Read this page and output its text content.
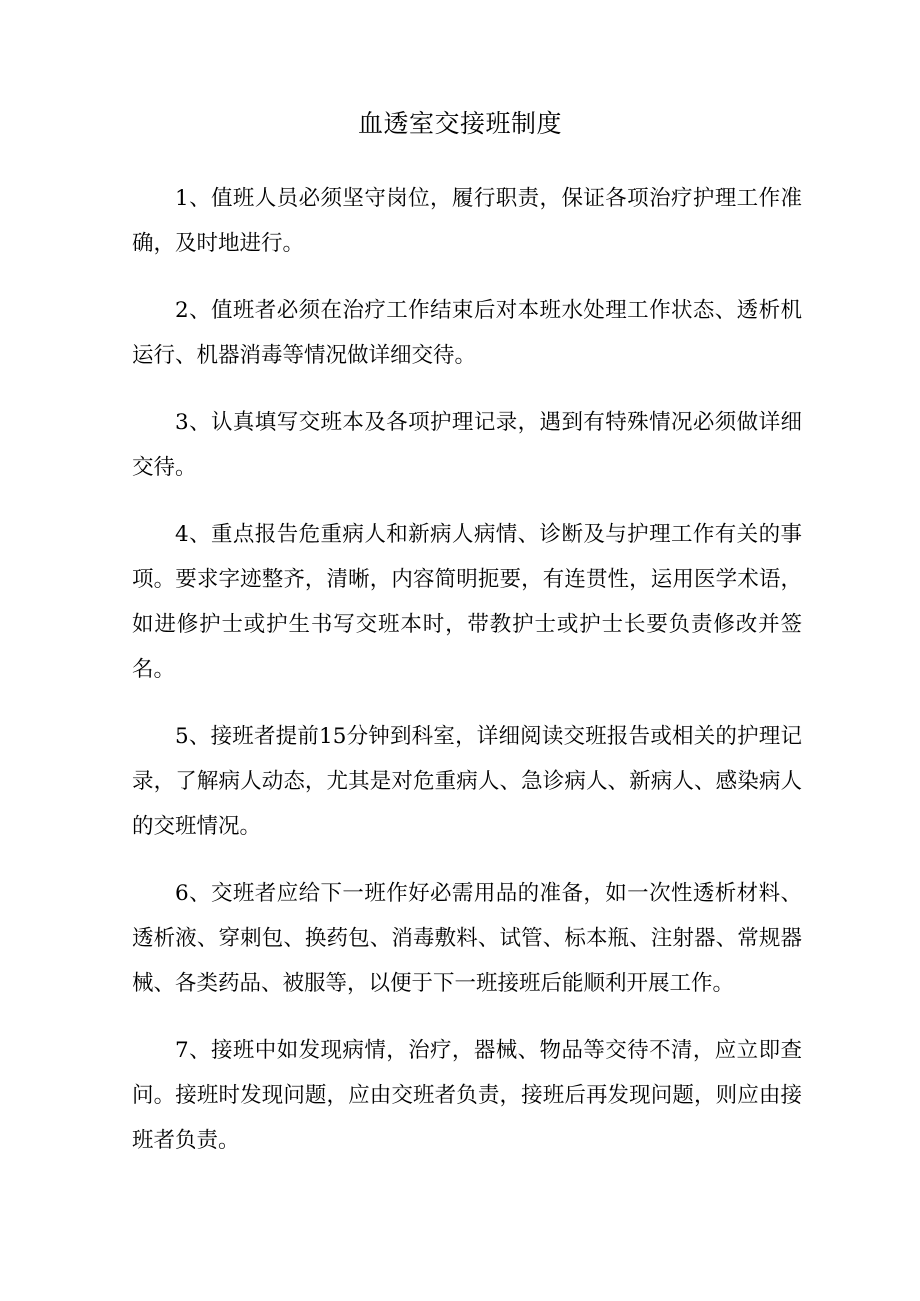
血透室交接班制度

1、值班人员必须坚守岗位，履行职责，保证各项治疗护理工作准确，及时地进行。

2、值班者必须在治疗工作结束后对本班水处理工作状态、透析机运行、机器消毒等情况做详细交待。

3、认真填写交班本及各项护理记录，遇到有特殊情况必须做详细交待。

4、重点报告危重病人和新病人病情、诊断及与护理工作有关的事项。要求字迹整齐，清晰，内容简明扼要，有连贯性，运用医学术语，如进修护士或护生书写交班本时，带教护士或护士长要负责修改并签名。

5、接班者提前15分钟到科室，详细阅读交班报告或相关的护理记录，了解病人动态，尤其是对危重病人、急诊病人、新病人、感染病人的交班情况。

6、交班者应给下一班作好必需用品的准备，如一次性透析材料、透析液、穿刺包、换药包、消毒敷料、试管、标本瓶、注射器、常规器械、各类药品、被服等，以便于下一班接班后能顺利开展工作。

7、接班中如发现病情，治疗，器械、物品等交待不清，应立即查问。接班时发现问题，应由交班者负责，接班后再发现问题，则应由接班者负责。
